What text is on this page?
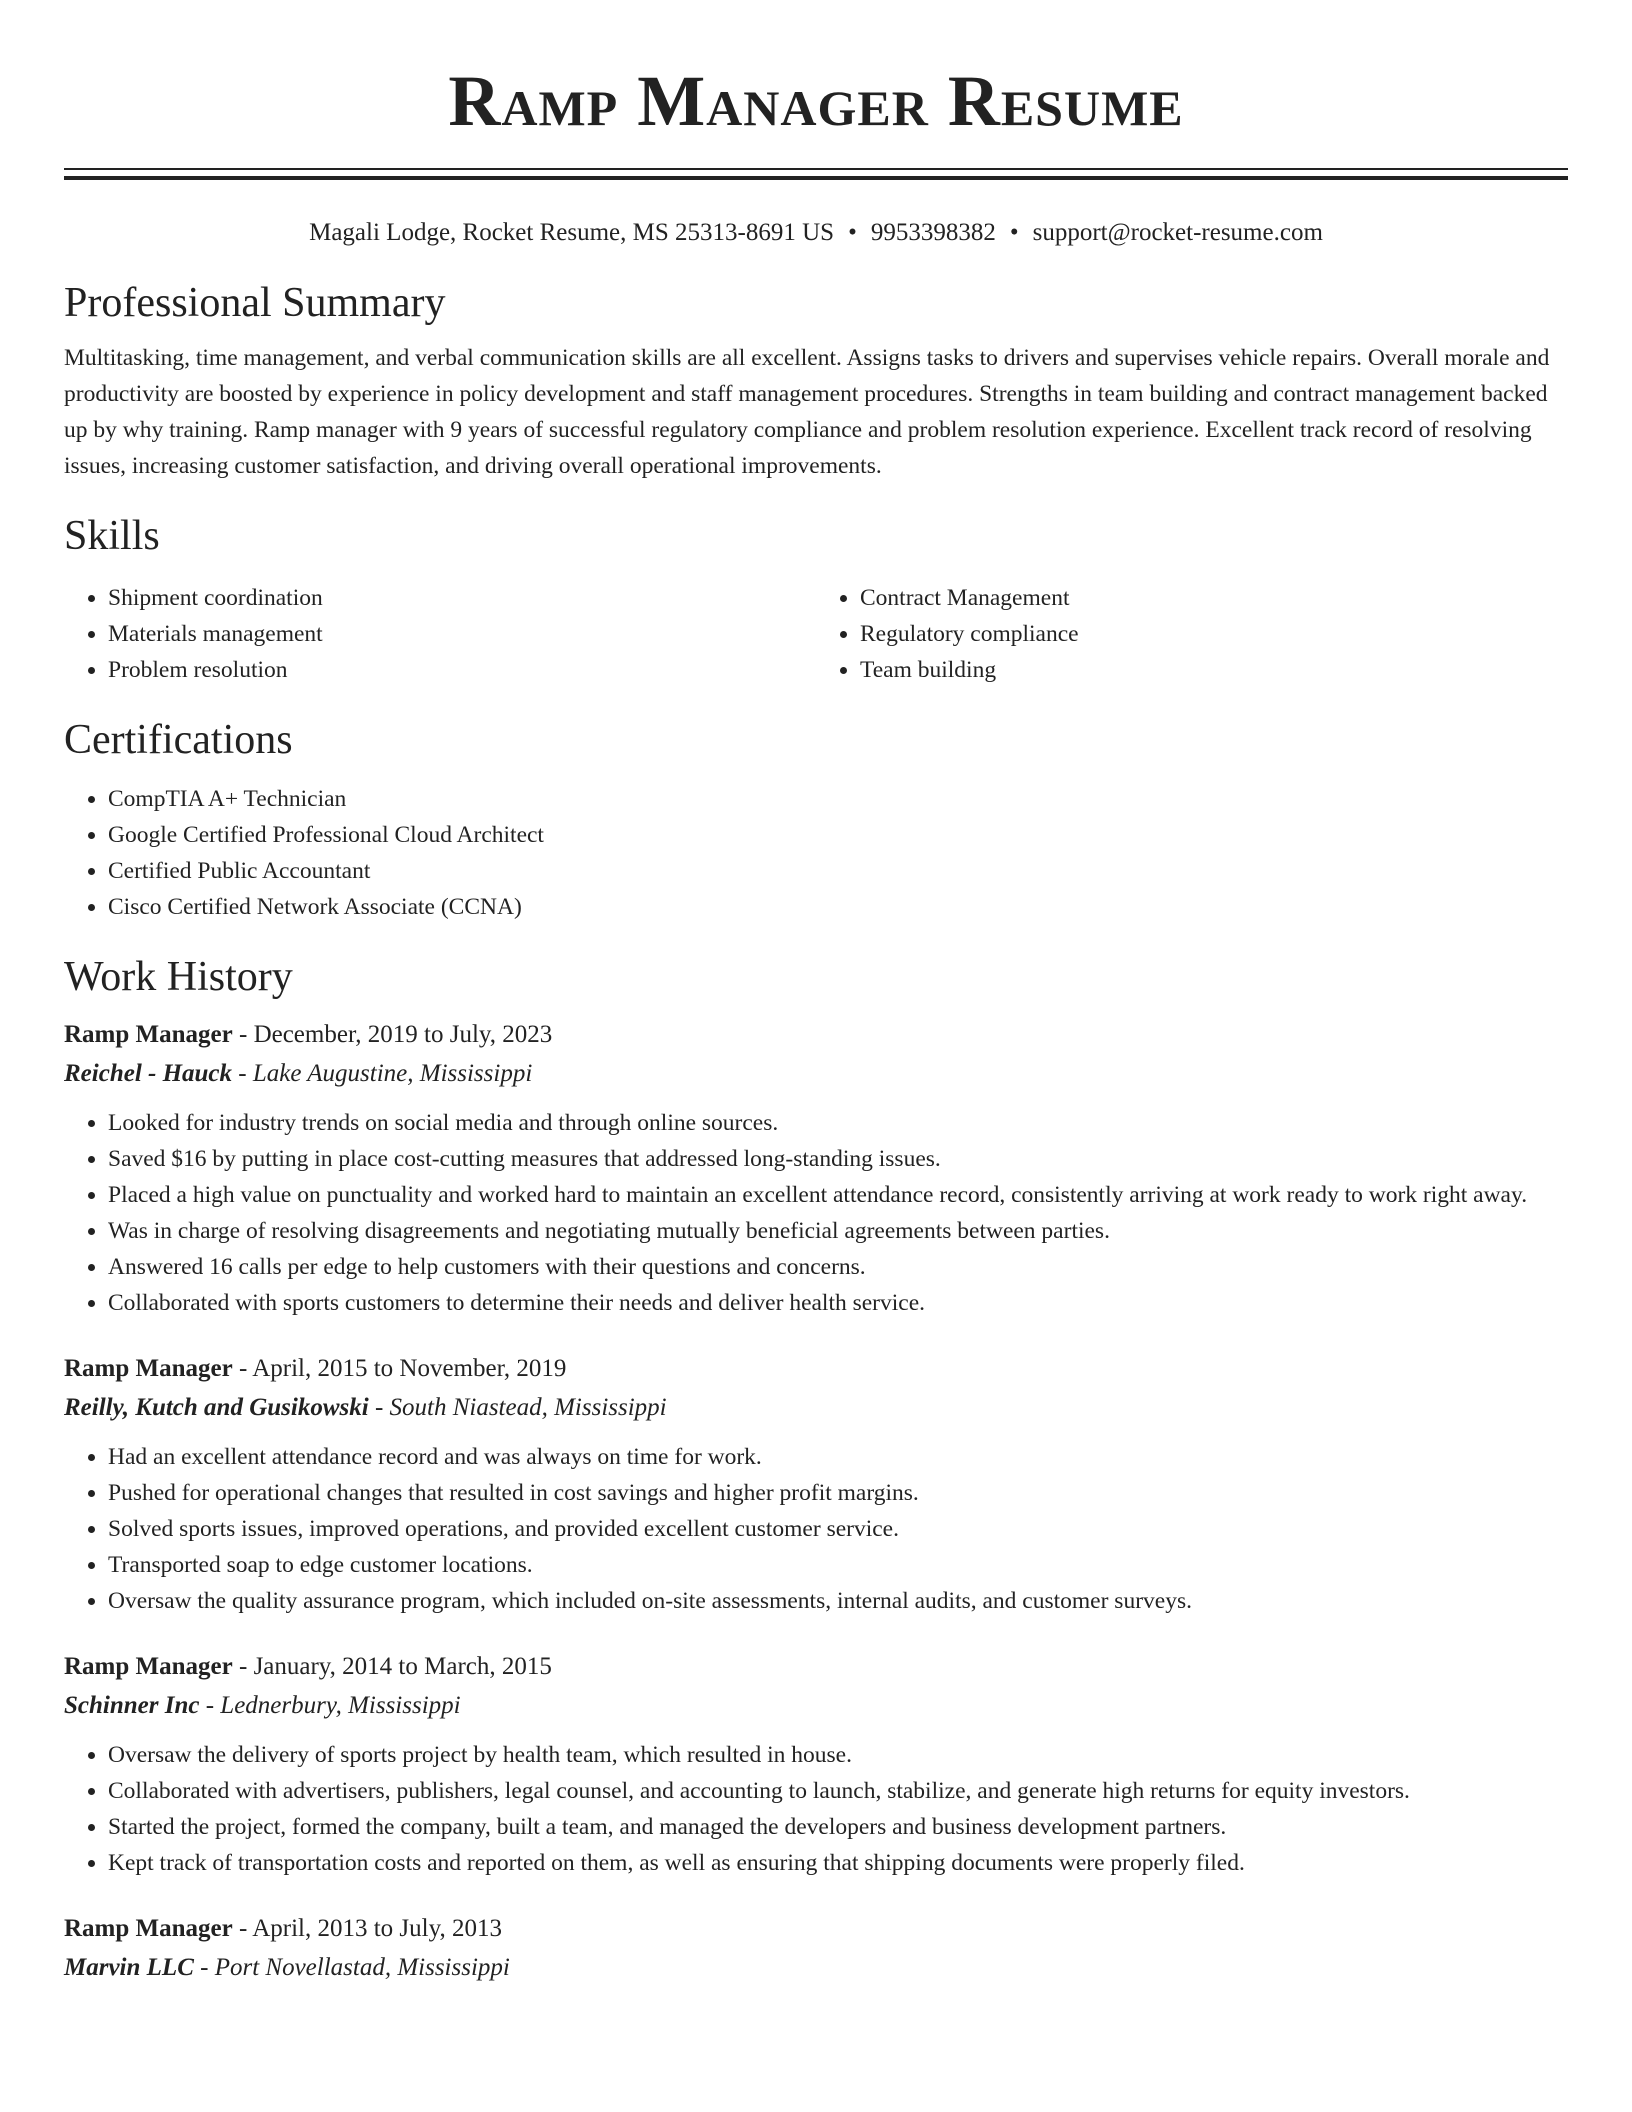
Ramp Manager Resume
Magali Lodge, Rocket Resume, MS 25313-8691 US • 9953398382 • support@rocket-resume.com
Professional Summary

Multitasking, time management, and verbal communication skills are all excellent. Assigns tasks to drivers and supervises vehicle repairs. Overall morale and productivity are boosted by experience in policy development and staff management procedures. Strengths in team building and contract management backed up by why training. Ramp manager with 9 years of successful regulatory compliance and problem resolution experience. Excellent track record of resolving issues, increasing customer satisfaction, and driving overall operational improvements.

Skills
• Shipment coordination
• Materials management
• Problem resolution
• Contract Management
• Regulatory compliance
• Team building
Certifications
• CompTIA A+ Technician
• Google Certified Professional Cloud Architect
• Certified Public Accountant
• Cisco Certified Network Associate (CCNA)
Work History
Ramp Manager - December, 2019 to July, 2023
Reichel - Hauck - Lake Augustine, Mississippi
• Looked for industry trends on social media and through online sources.
• Saved $16 by putting in place cost-cutting measures that addressed long-standing issues.
• Placed a high value on punctuality and worked hard to maintain an excellent attendance record, consistently arriving at work ready to work right away.
• Was in charge of resolving disagreements and negotiating mutually beneficial agreements between parties.
• Answered 16 calls per edge to help customers with their questions and concerns.
• Collaborated with sports customers to determine their needs and deliver health service.
Ramp Manager - April, 2015 to November, 2019
Reilly, Kutch and Gusikowski - South Niastead, Mississippi
• Had an excellent attendance record and was always on time for work.
• Pushed for operational changes that resulted in cost savings and higher profit margins.
• Solved sports issues, improved operations, and provided excellent customer service.
• Transported soap to edge customer locations.
• Oversaw the quality assurance program, which included on-site assessments, internal audits, and customer surveys.
Ramp Manager - January, 2014 to March, 2015
Schinner Inc - Lednerbury, Mississippi
• Oversaw the delivery of sports project by health team, which resulted in house.
• Collaborated with advertisers, publishers, legal counsel, and accounting to launch, stabilize, and generate high returns for equity investors.
• Started the project, formed the company, built a team, and managed the developers and business development partners.
• Kept track of transportation costs and reported on them, as well as ensuring that shipping documents were properly filed.
Ramp Manager - April, 2013 to July, 2013
Marvin LLC - Port Novellastad, Mississippi
